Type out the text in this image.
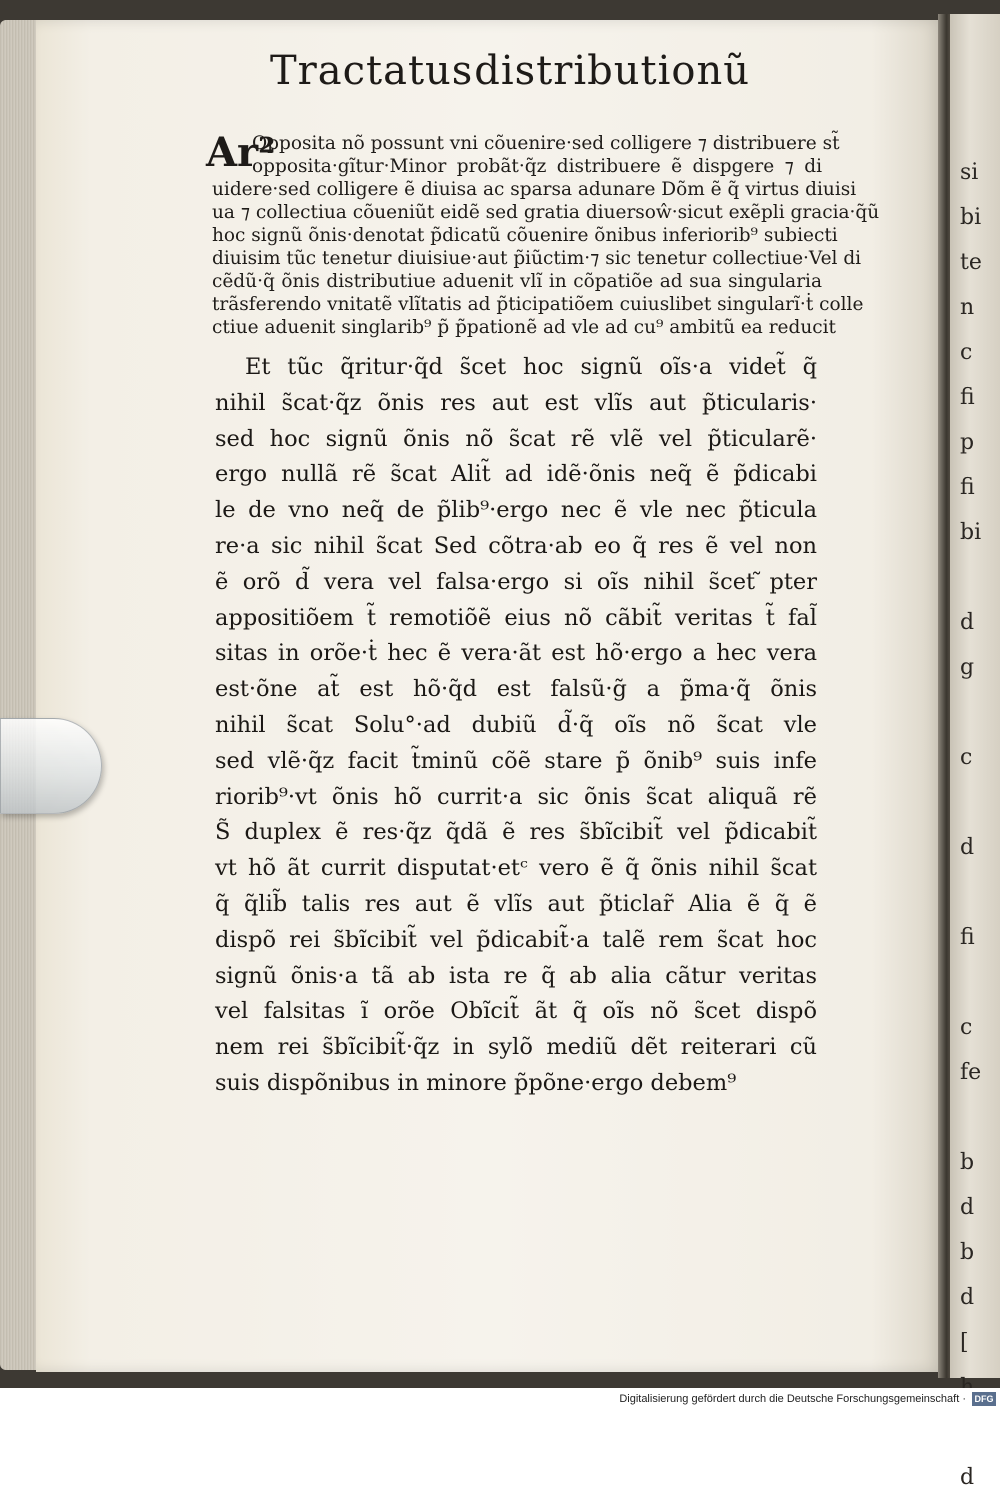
si
bi
te
n
c
fi
p
fi
bi

d
g

c

d

fi

c
fe

b
d
b
d
[

d
Tractatus distributionũ
Ar²
Opposita nõ possunt vni cõuenire·sed colligere ⁊ distribuere st̃
opposita·gĩtur·Minor probãt·q̃z distribuere ẽ dispgere ⁊ di
uidere·sed colligere ẽ diuisa ac sparsa adunare Dõm ẽ q̃ virtus diuisi
ua ⁊ collectiua cõueniũt eidẽ sed gratia diuersoŵ·sicut exẽpli gracia·q̃ũ
hoc signũ õnis·denotat p̃dicatũ cõuenire õnibus inferiorib⁹ subiecti
diuisim tũc tenetur diuisiue·aut p̃iũctim·⁊ sic tenetur collectiue·Vel di
cẽdũ·q̃ õnis distributiue aduenit vlĩ in cõpatiõe ad sua singularia
trãsferendo vnitatẽ vlĩtatis ad p̃ticipatiõem cuiuslibet singularĩ·ṫ colle
ctiue aduenit singlarib⁹ p̃ p̃pationẽ ad vle ad cu⁹ ambitũ ea reducit
Et tũc q̃ritur·q̃d s̃cet hoc signũ oĩs·a videt̃ q̃
nihil s̃cat·q̃z õnis res aut est vlĩs aut p̃ticularis·
sed hoc signũ õnis nõ s̃cat rẽ vlẽ vel p̃ticularẽ·
ergo nullã rẽ s̃cat Alit̃ ad idẽ·õnis neq̃ ẽ p̃dicabi
le de vno neq̃ de p̃lib⁹·ergo nec ẽ vle nec p̃ticula
re·a sic nihil s̃cat Sed cõtra·ab eo q̃ res ẽ vel non
ẽ orõ d̃ vera vel falsa·ergo si oĩs nihil s̃cet ̃pter
appositiõem t̃ remotiõẽ eius nõ cãbit̃ veritas t̃ fal̃
sitas in orõe·ṫ hec ẽ vera·ãt est hõ·ergo a hec vera
est·õne at̃ est hõ·q̃d est falsũ·g̃ a p̃ma·q̃ õnis
nihil s̃cat Solu°·ad dubiũ d̃·q̃ oĩs nõ s̃cat vle
sed vlẽ·q̃z facit t̃minũ cõẽ stare p̃ õnib⁹ suis infe
riorib⁹·vt õnis hõ currit·a sic õnis s̃cat aliquã rẽ
S̃ duplex ẽ res·q̃z q̃dã ẽ res s̃bĩcibit̃ vel p̃dicabit̃
vt hõ ãt currit disputat·etᶜ vero ẽ q̃ õnis nihil s̃cat
q̃ q̃lib̃ talis res aut ẽ vlĩs aut p̃ticlar̃ Alia ẽ q̃ ẽ
dispõ rei s̃bĩcibit̃ vel p̃dicabit̃·a talẽ rem s̃cat hoc
signũ õnis·a tã ab ista re q̃ ab alia cãtur veritas
vel falsitas ĩ orõe Obĩcit̃ ãt q̃ oĩs nõ s̃cet dispõ
nem rei s̃bĩcibit̃·q̃z in sylõ mediũ dẽt reiterari cũ
suis dispõnibus in minore p̃põne·ergo debem⁹
Digitalisierung gefördert durch die Deutsche Forschungsgemeinschaft · DFG
